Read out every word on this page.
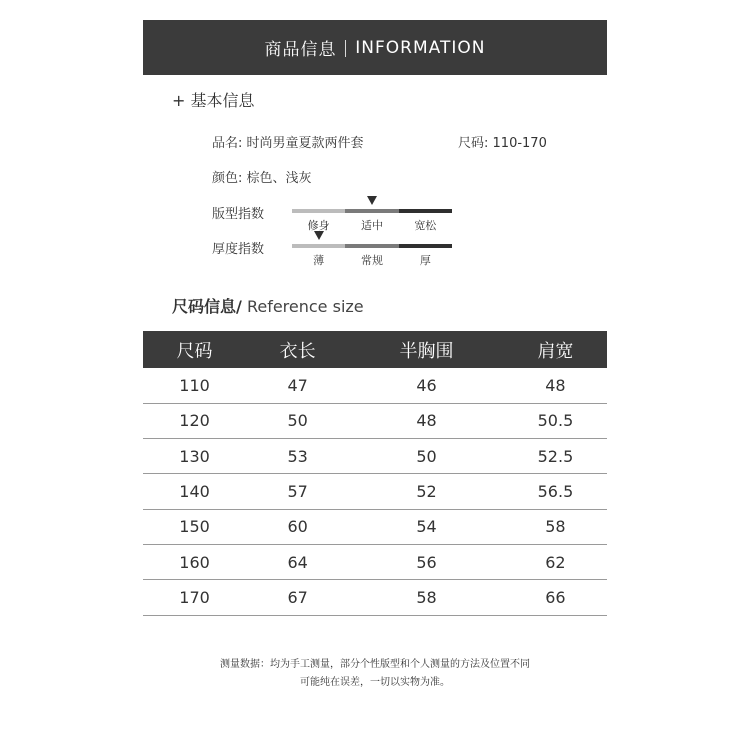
商品信息 | INFORMATION
+ 基本信息
品名: 时尚男童夏款两件套	尺码: 110-170
颜色: 棕色、浅灰
版型指数
修身	适中	宽松
厚度指数
薄	常规	厚
尺码信息/ Reference size
尺码	衣长	半胸围	肩宽
110	47	46	48
120	50	48	50.5
130	53	50	52.5
140	57	52	56.5
150	60	54	58
160	64	56	62
170	67	58	66
测量数据：均为手工测量，部分个性版型和个人测量的方法及位置不同
可能纯在误差，一切以实物为准。
